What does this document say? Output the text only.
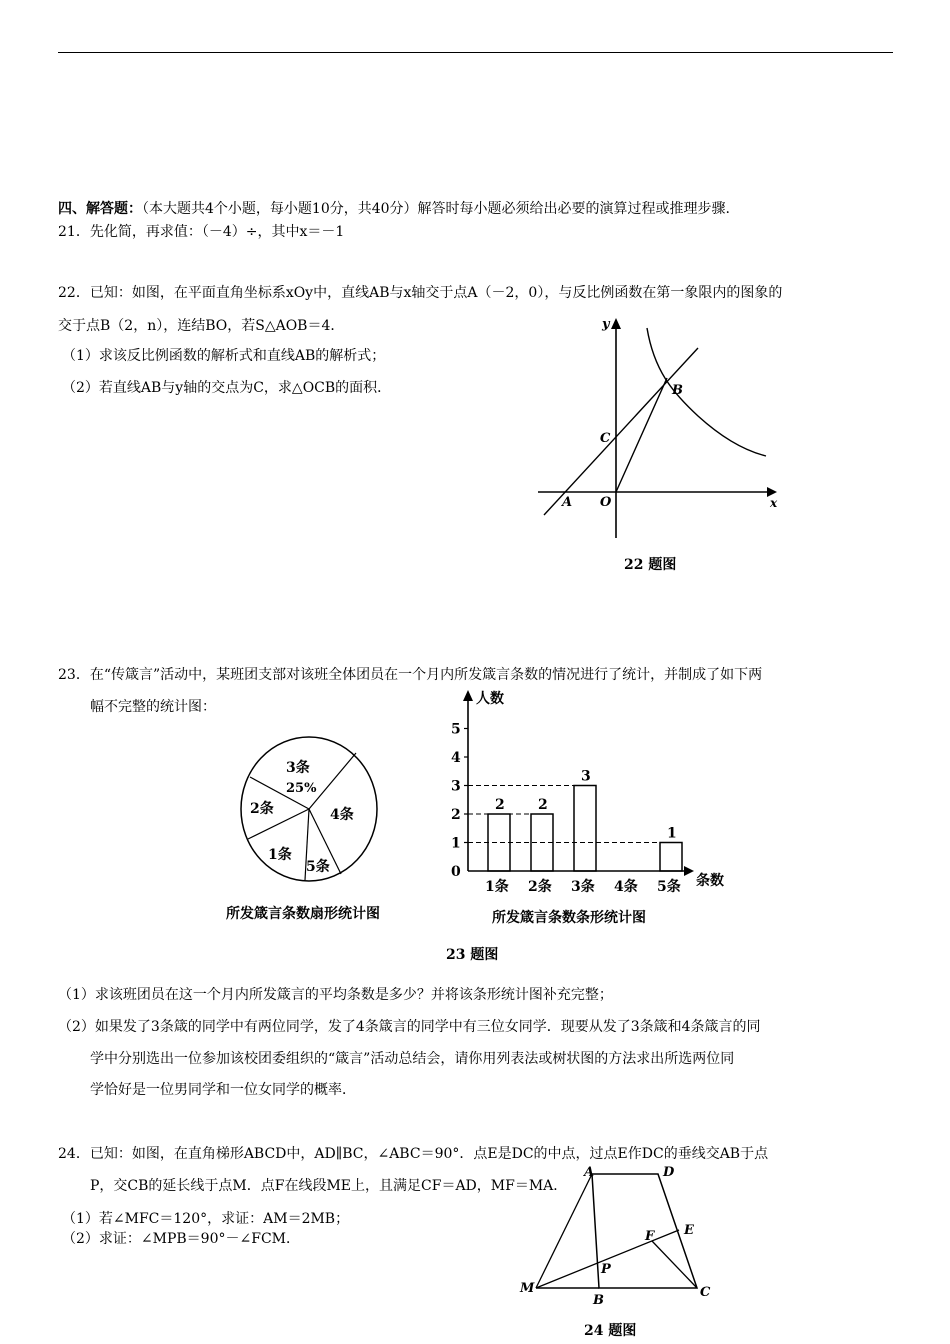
四、解答题：（本大题共4个小题，每小题10分，共40分）解答时每小题必须给出必要的演算过程或推理步骤.
21．先化简，再求值：（－4）÷，其中x＝－1
22．已知：如图，在平面直角坐标系xOy中，直线AB与x轴交于点A（－2，0），与反比例函数在第一象限内的图象的
交于点B（2，n），连结BO，若S△AOB＝4．
（1）求该反比例函数的解析式和直线AB的解析式；
（2）若直线AB与y轴的交点为C，求△OCB的面积．
y
x
A O
B
C
22 题图
23．在“传箴言”活动中，某班团支部对该班全体团员在一个月内所发箴言条数的情况进行了统计，并制成了如下两
幅不完整的统计图：
3条
25%
2条	4条
1条
5条
所发箴言条数扇形统计图
0
1
2
3
4
5
1条 2条 3条 4条 5条
2 2
3
1
人数
条数
所发箴言条数条形统计图
23 题图
（1）求该班团员在这一个月内所发箴言的平均条数是多少？并将该条形统计图补充完整；
（2）如果发了3条箴的同学中有两位同学，发了4条箴言的同学中有三位女同学．现要从发了3条箴和4条箴言的同
学中分别选出一位参加该校团委组织的“箴言”活动总结会，请你用列表法或树状图的方法求出所选两位同
学恰好是一位男同学和一位女同学的概率．
24．已知：如图，在直角梯形ABCD中，AD∥BC，∠ABC＝90°．点E是DC的中点，过点E作DC的垂线交AB于点
P，交CB的延长线于点M．点F在线段ME上，且满足CF＝AD，MF＝MA．
（1）若∠MFC＝120°，求证：AM＝2MB；
（2）求证：∠MPB＝90°－∠FCM．
A	D
E
F
P
M
B
C
24 题图
